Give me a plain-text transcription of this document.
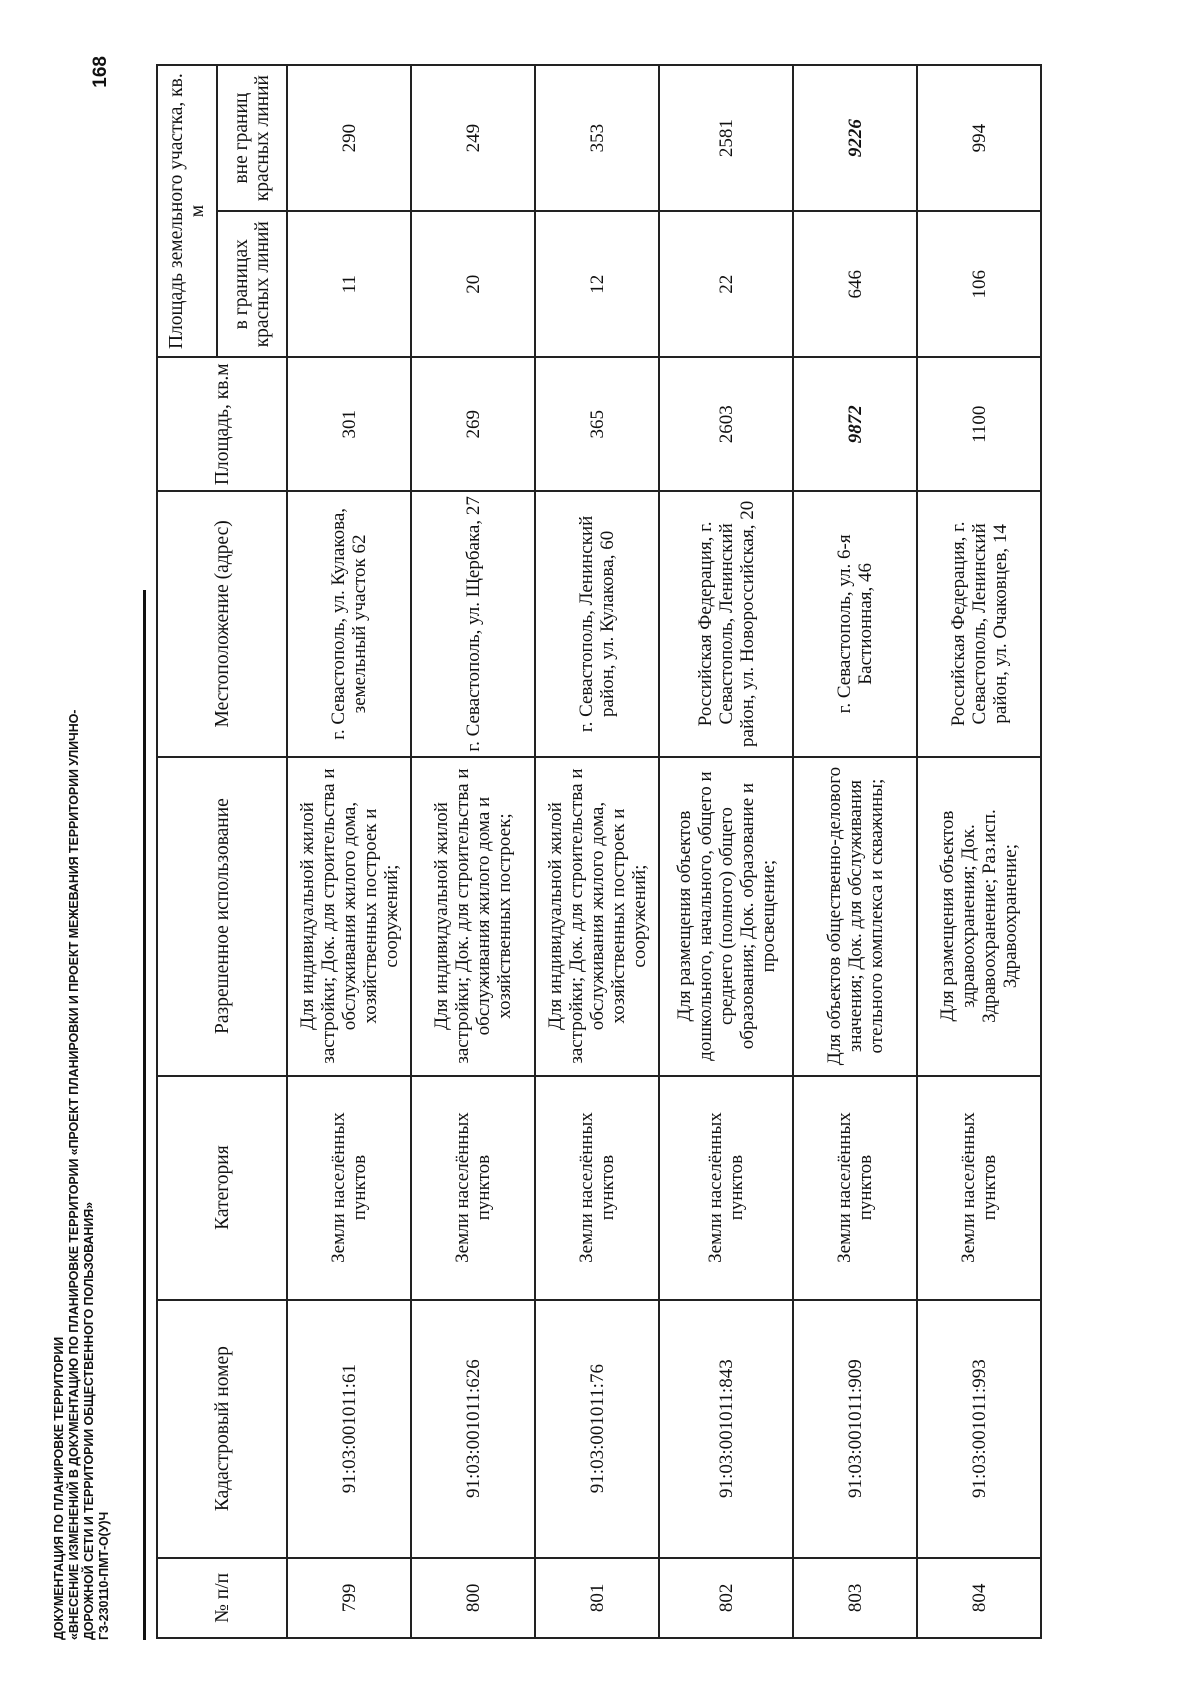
ДОКУМЕНТАЦИЯ ПО ПЛАНИРОВКЕ ТЕРРИТОРИИ «ВНЕСЕНИЕ ИЗМЕНЕНИЙ В ДОКУМЕНТАЦИЮ ПО ПЛАНИРОВКЕ ТЕРРИТОРИИ «ПРОЕКТ ПЛАНИРОВКИ И ПРОЕКТ МЕЖЕВАНИЯ ТЕРРИТОРИИ УЛИЧНО- ДОРОЖНОЙ СЕТИ И ТЕРРИТОРИИ ОБЩЕСТВЕННОГО ПОЛЬЗОВАНИЯ» ГЗ-230110-ПМТ-О(У)Ч
168
№ п/п	Кадастровый номер	Категория	Разрешенное использование	Местоположение (адрес)	Площадь, кв.м	Площадь земельного участка, кв. м	
						в границах красных линий	вне границ красных линий
799	91:03:001011:61	Земли населённых пунктов	Для индивидуальной жилой застройки; Док. для строительства и обслуживания жилого дома, хозяйственных построек и сооружений;	г. Севастополь, ул. Кулакова, земельный участок 62	301	11	290
800	91:03:001011:626	Земли населённых пунктов	Для индивидуальной жилой застройки; Док. для строительства и обслуживания жилого дома и хозяйственных построек;	г. Севастополь, ул. Щербака, 27	269	20	249
801	91:03:001011:76	Земли населённых пунктов	Для индивидуальной жилой застройки; Док. для строительства и обслуживания жилого дома, хозяйственных построек и сооружений;	г. Севастополь, Ленинский район, ул. Кулакова, 60	365	12	353
802	91:03:001011:843	Земли населённых пунктов	Для размещения объектов дошкольного, начального, общего и среднего (полного) общего образования; Док. образование и просвещение;	Российская Федерация, г. Севастополь, Ленинский район, ул. Новороссийская, 20	2603	22	2581
803	91:03:001011:909	Земли населённых пунктов	Для объектов общественно-делового значения; Док. для обслуживания отельного комплекса и скважины;	г. Севастополь, ул. 6-я Бастионная, 46	9872	646	9226
804	91:03:001011:993	Земли населённых пунктов	Для размещения объектов здравоохранения; Док. Здравоохранение; Раз.исп. Здравоохранение;	Российская Федерация, г. Севастополь, Ленинский район, ул. Очаковцев, 14	1100	106	994
